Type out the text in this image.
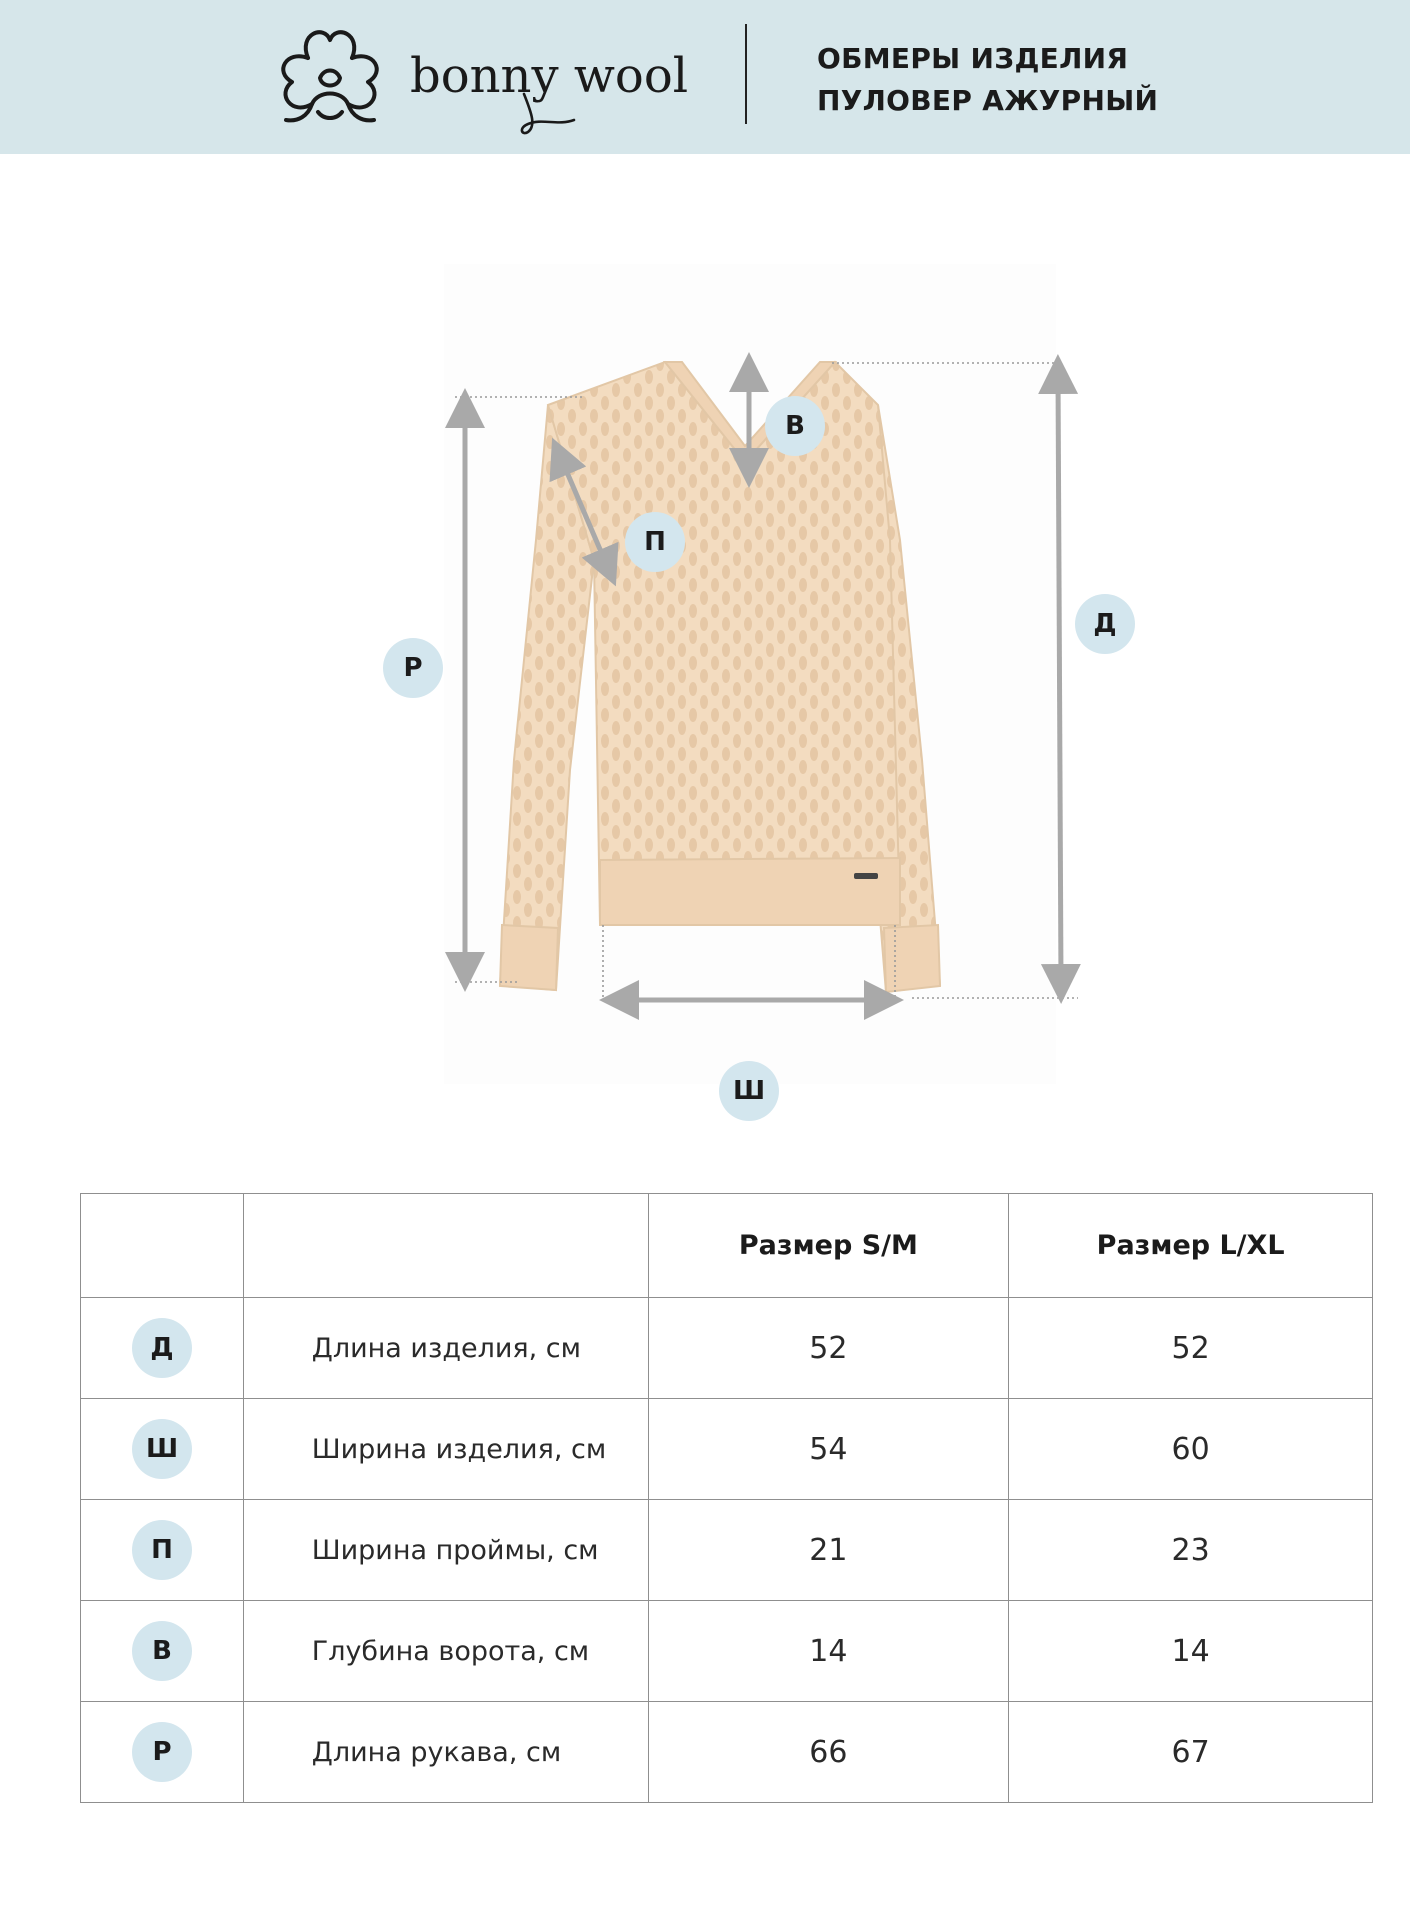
bonny wool	ОБМЕРЫ ИЗДЕЛИЯ
ПУЛОВЕР АЖУРНЫЙ
В
П
Р
Д
Ш
		Размер S/M	Размер L/XL

Д	Длина изделия, см	52	52

Ш	Ширина изделия, см	54	60

П	Ширина проймы, см	21	23

В	Глубина ворота, см	14	14

Р	Длина рукава, см	66	67
